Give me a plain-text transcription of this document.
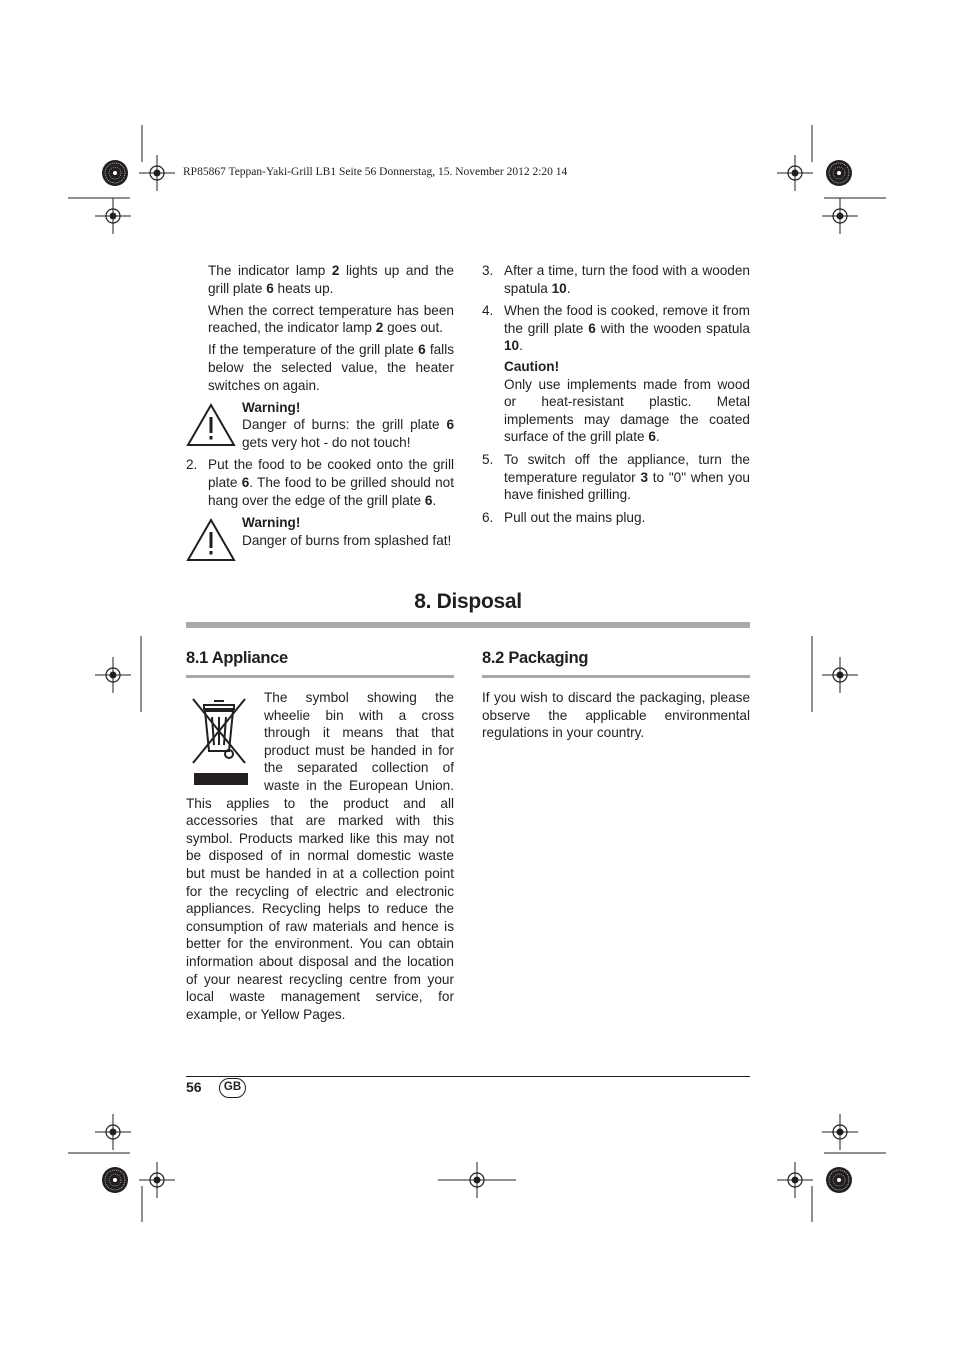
RP85867 Teppan-Yaki-Grill LB1 Seite 56 Donnerstag, 15. November 2012 2:20 14

The indicator lamp 2 lights up and the grill plate 6 heats up.

When the correct temperature has been reached, the indicator lamp 2 goes out.

If the temperature of the grill plate 6 falls below the selected value, the heater switches on again.

Warning!
Danger of burns: the grill plate 6 gets very hot - do not touch!
2. Put the food to be cooked onto the grill plate 6. The food to be grilled should not hang over the edge of the grill plate 6.
Warning!
Danger of burns from splashed fat!
3. After a time, turn the food with a wooden spatula 10.
4. When the food is cooked, remove it from the grill plate 6 with the wooden spatula 10.
Caution!
Only use implements made from wood or heat-resistant plastic. Metal implements may damage the coated surface of the grill plate 6.
5. To switch off the appliance, turn the temperature regulator 3 to "0" when you have finished grilling.
6. Pull out the mains plug.
8. Disposal
8.1 Appliance	8.2 Packaging
The symbol showing the wheelie bin with a cross through it means that that product must be handed in for the separated collection of waste in the European Union. This applies to the product and all accessories that are marked with this symbol. Products marked like this may not be disposed of in normal domestic waste but must be handed in at a collection point for the recycling of electric and electronic appliances. Recycling helps to reduce the consumption of raw materials and hence is better for the environment. You can obtain information about disposal and the location of your nearest recycling centre from your local waste management service, for example, or Yellow Pages.
If you wish to discard the packaging, please observe the applicable environmental regulations in your country.
56	GB
